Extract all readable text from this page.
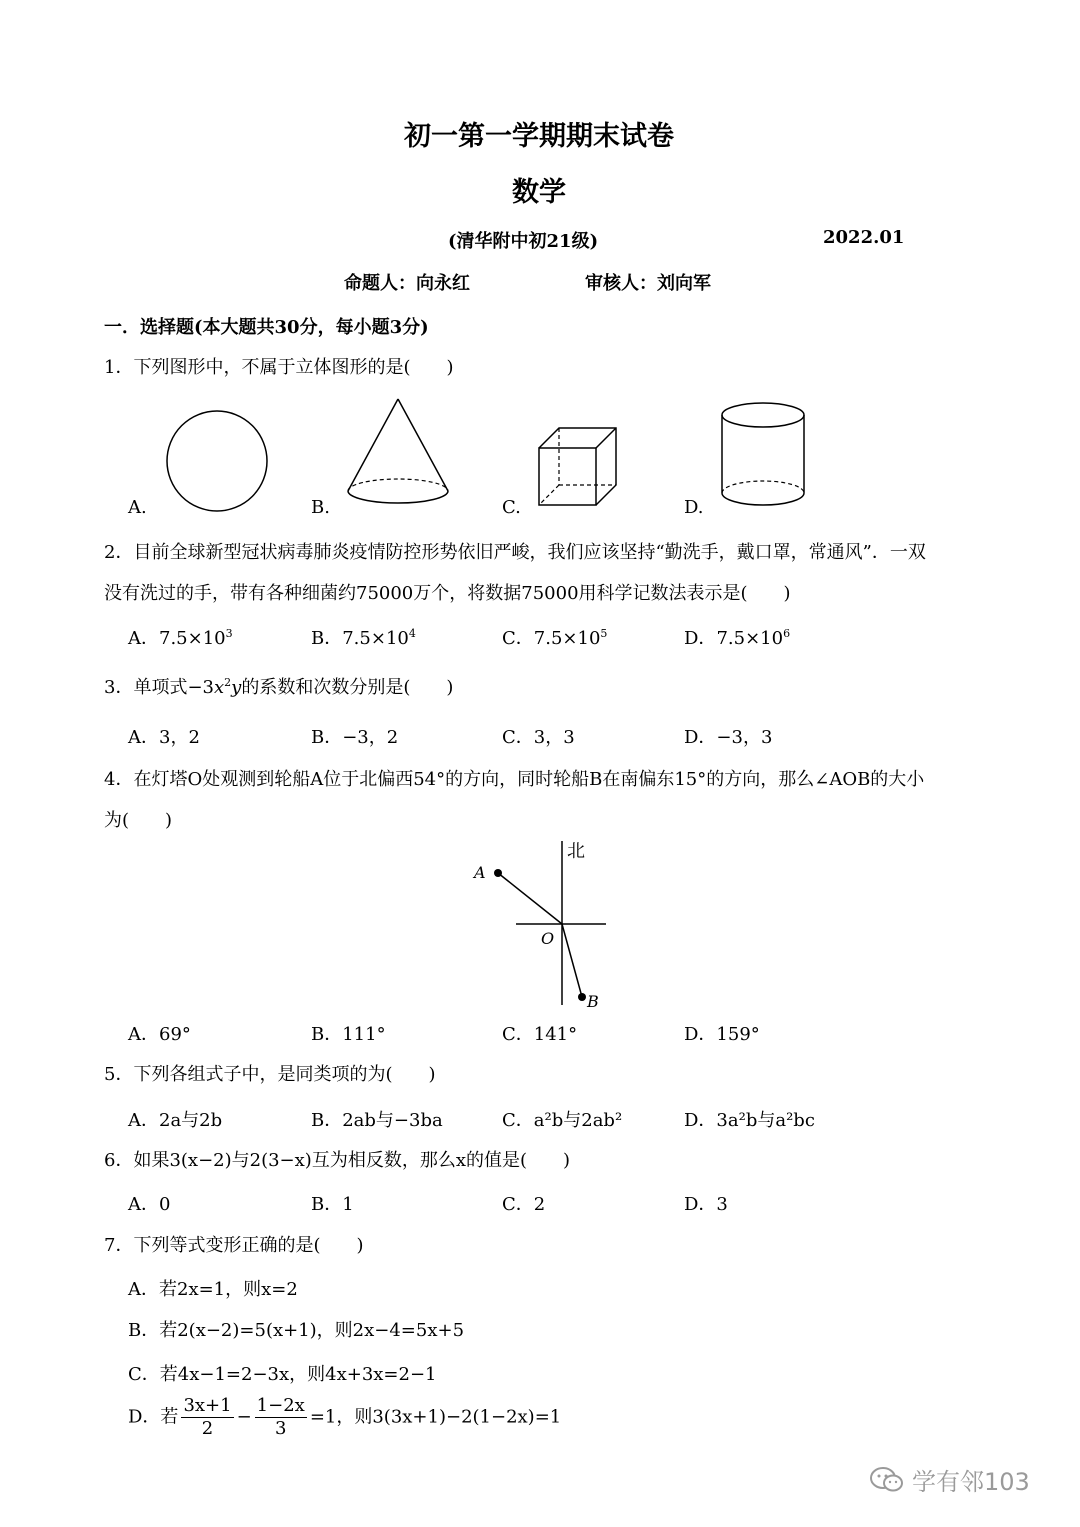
初一第一学期期末试卷
数学
(清华附中初21级)	2022.01
命题人：向永红	审核人：刘向军
一．选择题(本大题共30分，每小题3分)
1．下列图形中，不属于立体图形的是(　　)
A.	B.	C.	D.
2．目前全球新型冠状病毒肺炎疫情防控形势依旧严峻，我们应该坚持“勤洗手，戴口罩，常通风”．一双
没有洗过的手，带有各种细菌约75000万个，将数据75000用科学记数法表示是(　　)
A．$7.5\times 10^3$	B．$7.5\times 10^4$	C．$7.5\times 10^5$	D．$7.5\times 10^6$
3．单项式$-3x^2y$的系数和次数分别是(　　)
A．3，2	B．−3，2	C．3，3	D．−3，3
4．在灯塔O处观测到轮船A位于北偏西54°的方向，同时轮船B在南偏东15°的方向，那么∠AOB的大小
为(　　)
北
A
O
B
A．69°	B．111°	C．141°	D．159°
5．下列各组式子中，是同类项的为(　　)
A．2a与2b	B．2ab与−3ba	C．a²b与2ab²	D．3a²b与a²bc
6．如果3(x−2)与2(3−x)互为相反数，那么x的值是(　　)
A．0	B．1	C．2	D．3
7．下列等式变形正确的是(　　)
A．若2x=1，则x=2
B．若2(x−2)=5(x+1)，则2x−4=5x+5
C．若4x−1=2−3x，则4x+3x=2−1
D．若 $\frac{3x+1}{2} - \frac{1-2x}{3} =1$，则3(3x+1)−2(1−2x)=1
学有邻103
